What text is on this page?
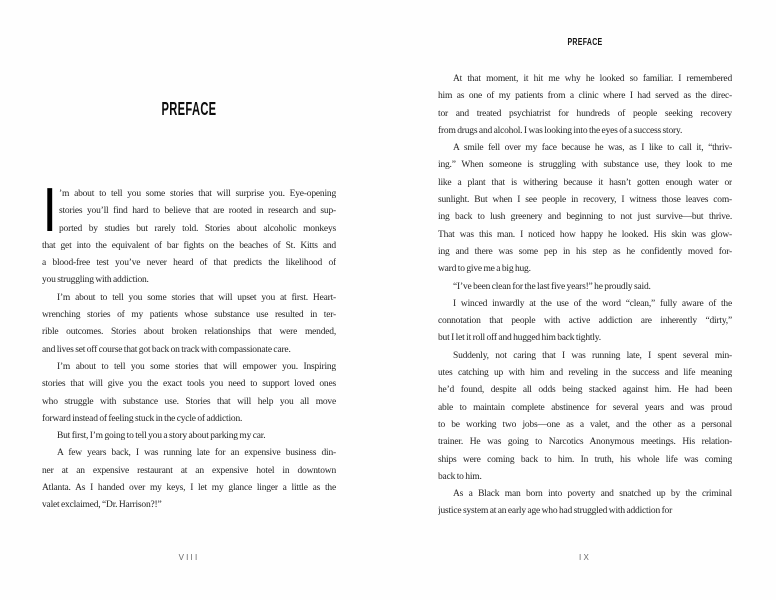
PREFACE
I ’m about to tell you some stories that will surprise you. Eye-opening
stories you’ll find hard to believe that are rooted in research and sup-
ported by studies but rarely told. Stories about alcoholic monkeys
that get into the equivalent of bar fights on the beaches of St. Kitts and
a blood-free test you’ve never heard of that predicts the likelihood of
you struggling with addiction.
I’m about to tell you some stories that will upset you at first. Heart-
wrenching stories of my patients whose substance use resulted in ter-
rible outcomes. Stories about broken relationships that were mended,
and lives set off course that got back on track with compassionate care.
I’m about to tell you some stories that will empower you. Inspiring
stories that will give you the exact tools you need to support loved ones
who struggle with substance use. Stories that will help you all move
forward instead of feeling stuck in the cycle of addiction.
But first, I’m going to tell you a story about parking my car.
A few years back, I was running late for an expensive business din-
ner at an expensive restaurant at an expensive hotel in downtown
Atlanta. As I handed over my keys, I let my glance linger a little as the
valet exclaimed, “Dr. Harrison?!”
VIII
PREFACE
At that moment, it hit me why he looked so familiar. I remembered
him as one of my patients from a clinic where I had served as the direc-
tor and treated psychiatrist for hundreds of people seeking recovery
from drugs and alcohol. I was looking into the eyes of a success story.
A smile fell over my face because he was, as I like to call it, “thriv-
ing.” When someone is struggling with substance use, they look to me
like a plant that is withering because it hasn’t gotten enough water or
sunlight. But when I see people in recovery, I witness those leaves com-
ing back to lush greenery and beginning to not just survive—but thrive.
That was this man. I noticed how happy he looked. His skin was glow-
ing and there was some pep in his step as he confidently moved for-
ward to give me a big hug.
“I’ve been clean for the last five years!” he proudly said.
I winced inwardly at the use of the word “clean,” fully aware of the
connotation that people with active addiction are inherently “dirty,”
but I let it roll off and hugged him back tightly.
Suddenly, not caring that I was running late, I spent several min-
utes catching up with him and reveling in the success and life meaning
he’d found, despite all odds being stacked against him. He had been
able to maintain complete abstinence for several years and was proud
to be working two jobs—one as a valet, and the other as a personal
trainer. He was going to Narcotics Anonymous meetings. His relation-
ships were coming back to him. In truth, his whole life was coming
back to him.
As a Black man born into poverty and snatched up by the criminal
justice system at an early age who had struggled with addiction for
IX
